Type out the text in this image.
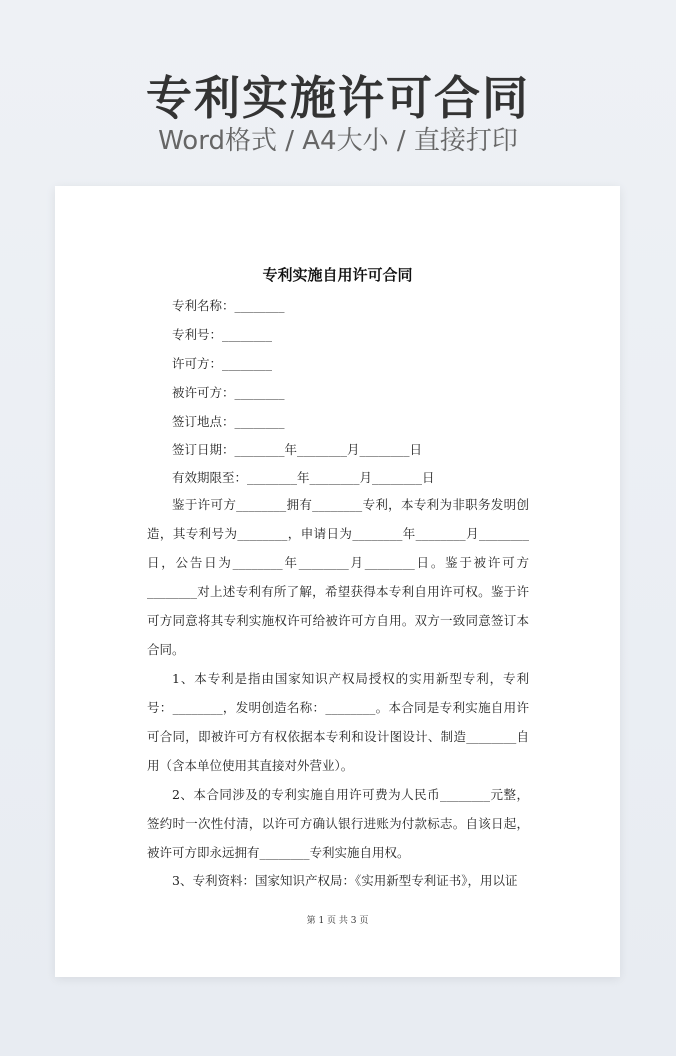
专利实施许可合同
Word格式 / A4大小 / 直接打印
专利实施自用许可合同
专利名称：________
专利号：________
许可方：________
被许可方：________
签订地点：________
签订日期：________年________月________日
有效期限至：________年________月________日
鉴于许可方________拥有________专利，本专利为非职务发明创造，其专利号为________，申请日为________年________月________日，公告日为________年________月________日。鉴于被许可方________对上述专利有所了解，希望获得本专利自用许可权。鉴于许可方同意将其专利实施权许可给被许可方自用。双方一致同意签订本合同。
1、本专利是指由国家知识产权局授权的实用新型专利，专利号：________，发明创造名称：________。本合同是专利实施自用许可合同，即被许可方有权依据本专利和设计图设计、制造________自用（含本单位使用其直接对外营业）。
2、本合同涉及的专利实施自用许可费为人民币________元整，签约时一次性付清，以许可方确认银行进账为付款标志。自该日起，被许可方即永远拥有________专利实施自用权。
3、专利资料：国家知识产权局：《实用新型专利证书》，用以证
第 1 页 共 3 页
